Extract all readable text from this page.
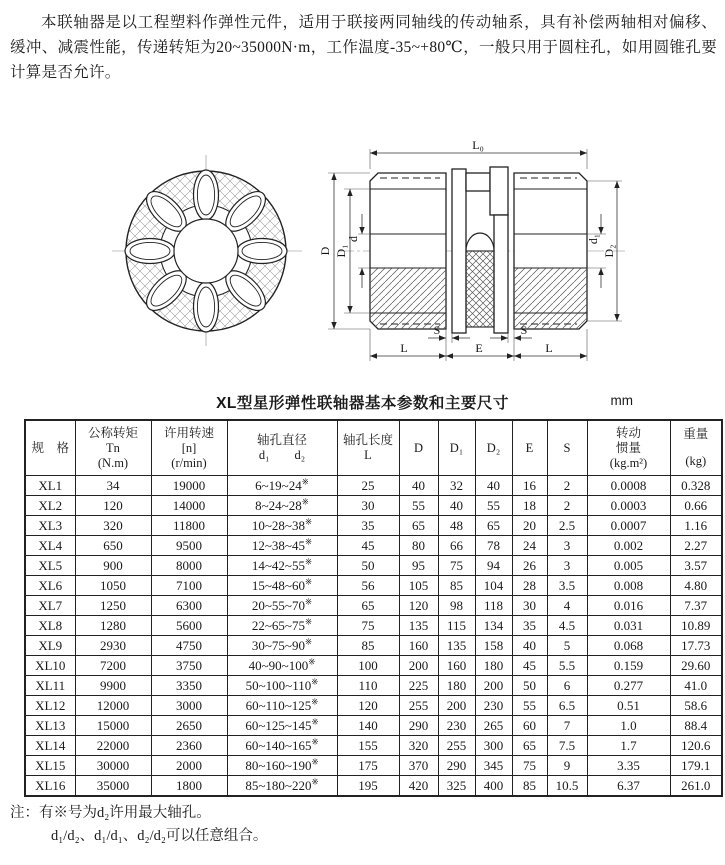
本联轴器是以工程塑料作弹性元件，适用于联接两同轴线的传动轴系，具有补偿两轴相对偏移、缓冲、减震性能，传递转矩为20~35000N·m，工作温度-35~+80℃，一般只用于圆柱孔，如用圆锥孔要计算是否允许。
L₀
D D₁
d	d₁
D₂
S	S
L	E	L
XL型星形弹性联轴器基本参数和主要尺寸	mm
规　格

公称转矩
Tn
(N.m)

许用转速
[n]
(r/min)

轴孔直径
d₁　　d₂

轴孔长度
L

D	D₁	D₂	E	S

转动
惯量
(kg.m²)

重量
(kg)

XL1	34	19000	6~19~24※	25	40	32	40	16	2	0.0008	0.328
XL2	120	14000	8~24~28※	30	55	40	55	18	2	0.0003	0.66
XL3	320	11800	10~28~38※	35	65	48	65	20	2.5	0.0007	1.16
XL4	650	9500	12~38~45※	45	80	66	78	24	3	0.002	2.27
XL5	900	8000	14~42~55※	50	95	75	94	26	3	0.005	3.57
XL6	1050	7100	15~48~60※	56	105	85	104	28	3.5	0.008	4.80
XL7	1250	6300	20~55~70※	65	120	98	118	30	4	0.016	7.37
XL8	1280	5600	22~65~75※	75	135	115	134	35	4.5	0.031	10.89
XL9	2930	4750	30~75~90※	85	160	135	158	40	5	0.068	17.73
XL10	7200	3750	40~90~100※	100	200	160	180	45	5.5	0.159	29.60
XL11	9900	3350	50~100~110※	110	225	180	200	50	6	0.277	41.0
XL12	12000	3000	60~110~125※	120	255	200	230	55	6.5	0.51	58.6
XL13	15000	2650	60~125~145※	140	290	230	265	60	7	1.0	88.4
XL14	22000	2360	60~140~165※	155	320	255	300	65	7.5	1.7	120.6
XL15	30000	2000	80~160~190※	175	370	290	345	75	9	3.35	179.1
XL16	35000	1800	85~180~220※	195	420	325	400	85	10.5	6.37	261.0
注：有※号为d₂许用最大轴孔。
d₁/d₂、d₁/d₁、d₂/d₂可以任意组合。
